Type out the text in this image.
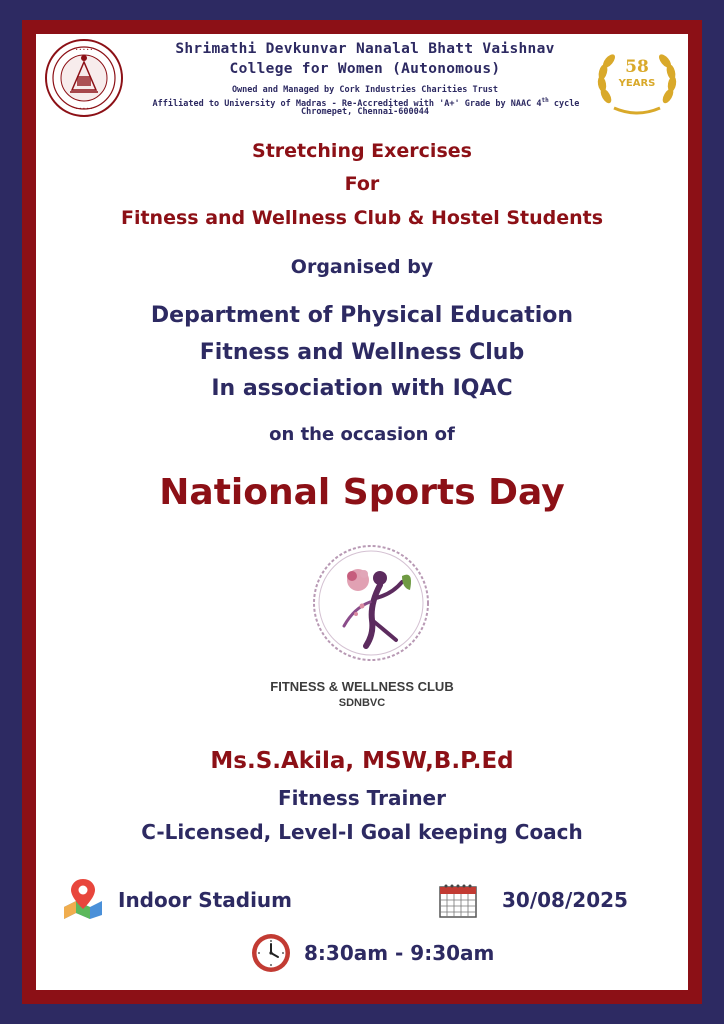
• • • • •
• • • • •
58
YEARS
Shrimathi Devkunvar Nanalal Bhatt Vaishnav
College for Women (Autonomous)
Owned and Managed by Cork Industries Charities Trust
Affiliated to University of Madras - Re-Accredited with 'A+' Grade by NAAC 4th cycle
Chromepet, Chennai-600044
Stretching Exercises
For
Fitness and Wellness Club & Hostel Students
Organised by
Department of Physical Education
Fitness and Wellness Club
In association with IQAC
on the occasion of
National Sports Day
FITNESS & WELLNESS CLUB
SDNBVC
Ms.S.Akila, MSW,B.P.Ed
Fitness Trainer
C-Licensed, Level-I Goal keeping Coach
Indoor Stadium	30/08/2025
8:30am - 9:30am
